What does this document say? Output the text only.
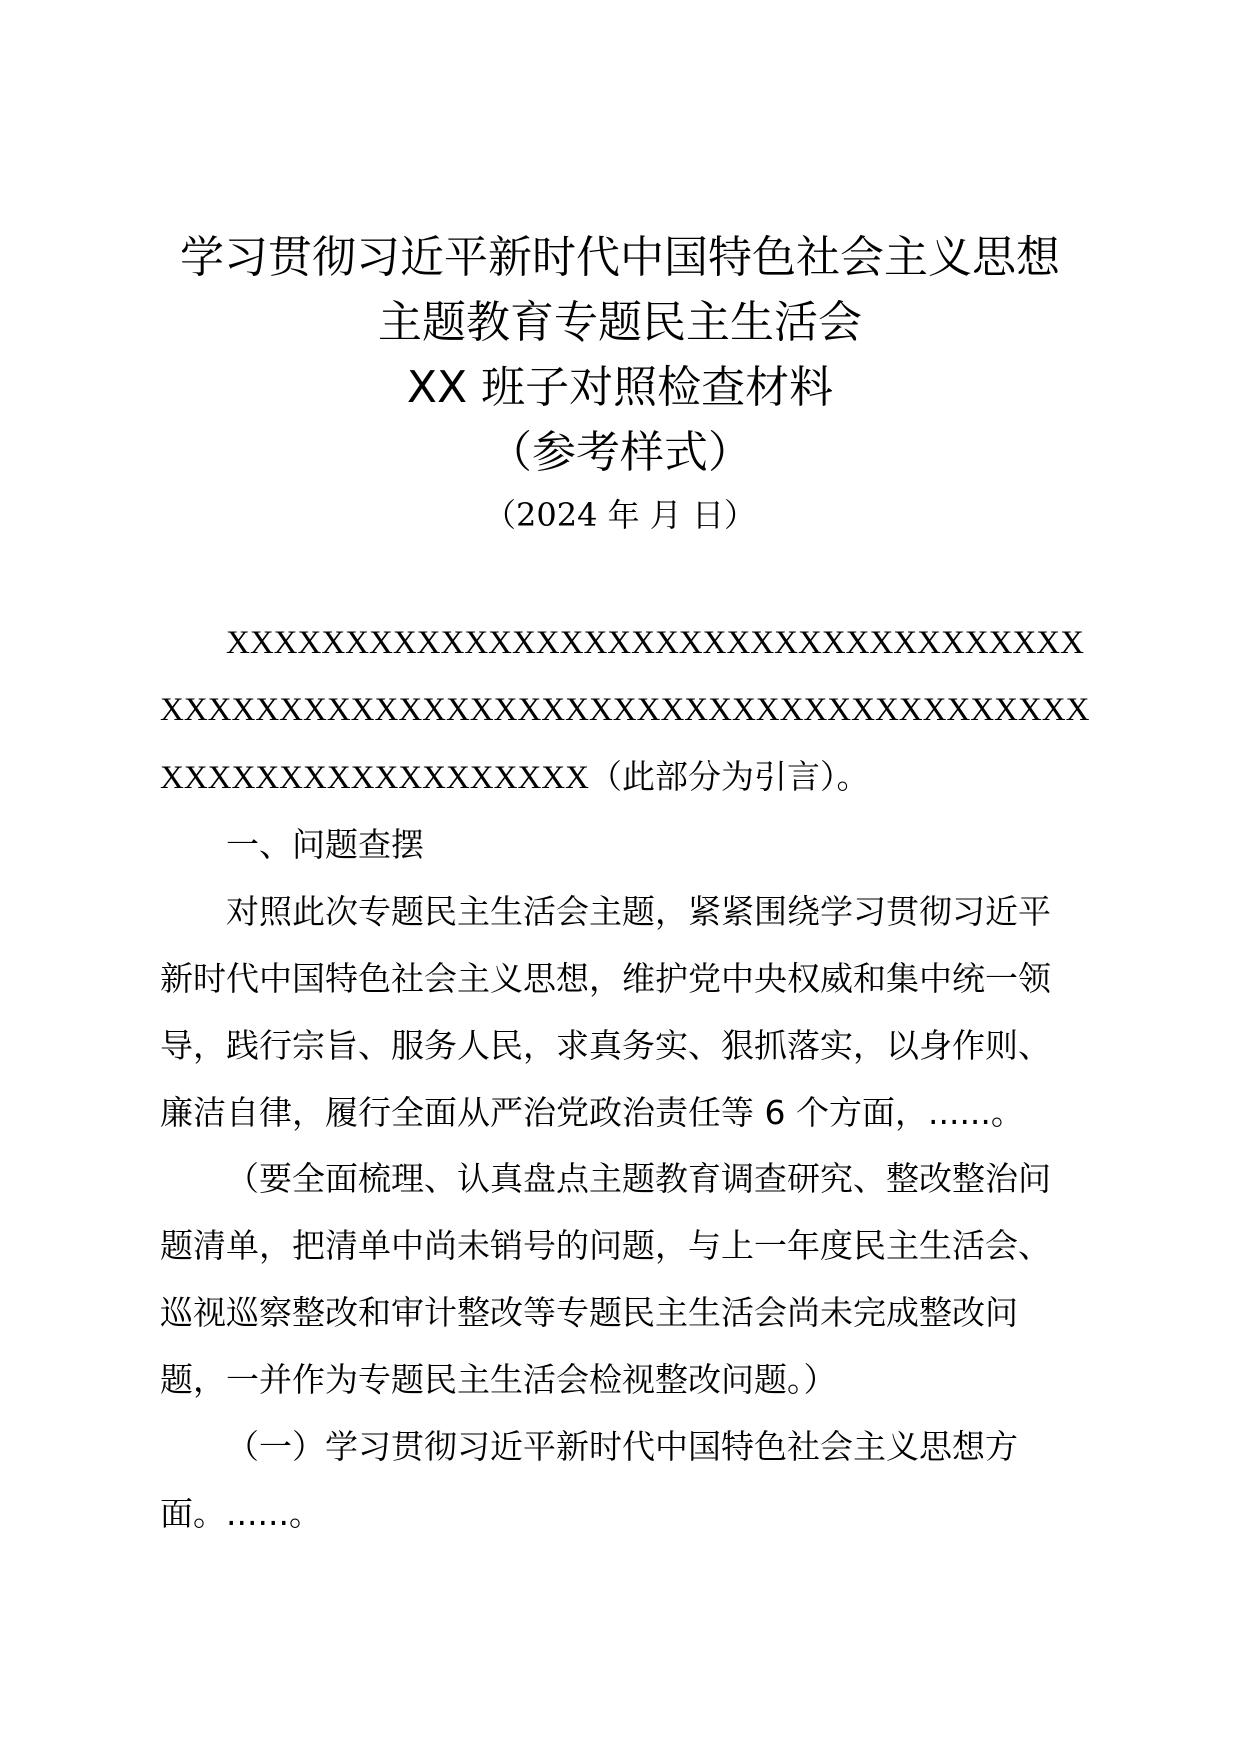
学习贯彻习近平新时代中国特色社会主义思想
主题教育专题民主生活会
XX 班子对照检查材料
（参考样式）
（2024 年 月 日）
XXXXXXXXXXXXXXXXXXXXXXXXXXXXXXXXXXXX
XXXXXXXXXXXXXXXXXXXXXXXXXXXXXXXXXXXXXXX
XXXXXXXXXXXXXXXXXX（此部分为引言）。
一、问题查摆
对照此次专题民主生活会主题，紧紧围绕学习贯彻习近平
新时代中国特色社会主义思想，维护党中央权威和集中统一领
导，践行宗旨、服务人民，求真务实、狠抓落实，以身作则、
廉洁自律，履行全面从严治党政治责任等 6 个方面，......。
（要全面梳理、认真盘点主题教育调查研究、整改整治问
题清单，把清单中尚未销号的问题，与上一年度民主生活会、
巡视巡察整改和审计整改等专题民主生活会尚未完成整改问
题，一并作为专题民主生活会检视整改问题。）
（一）学习贯彻习近平新时代中国特色社会主义思想方
面。......。
